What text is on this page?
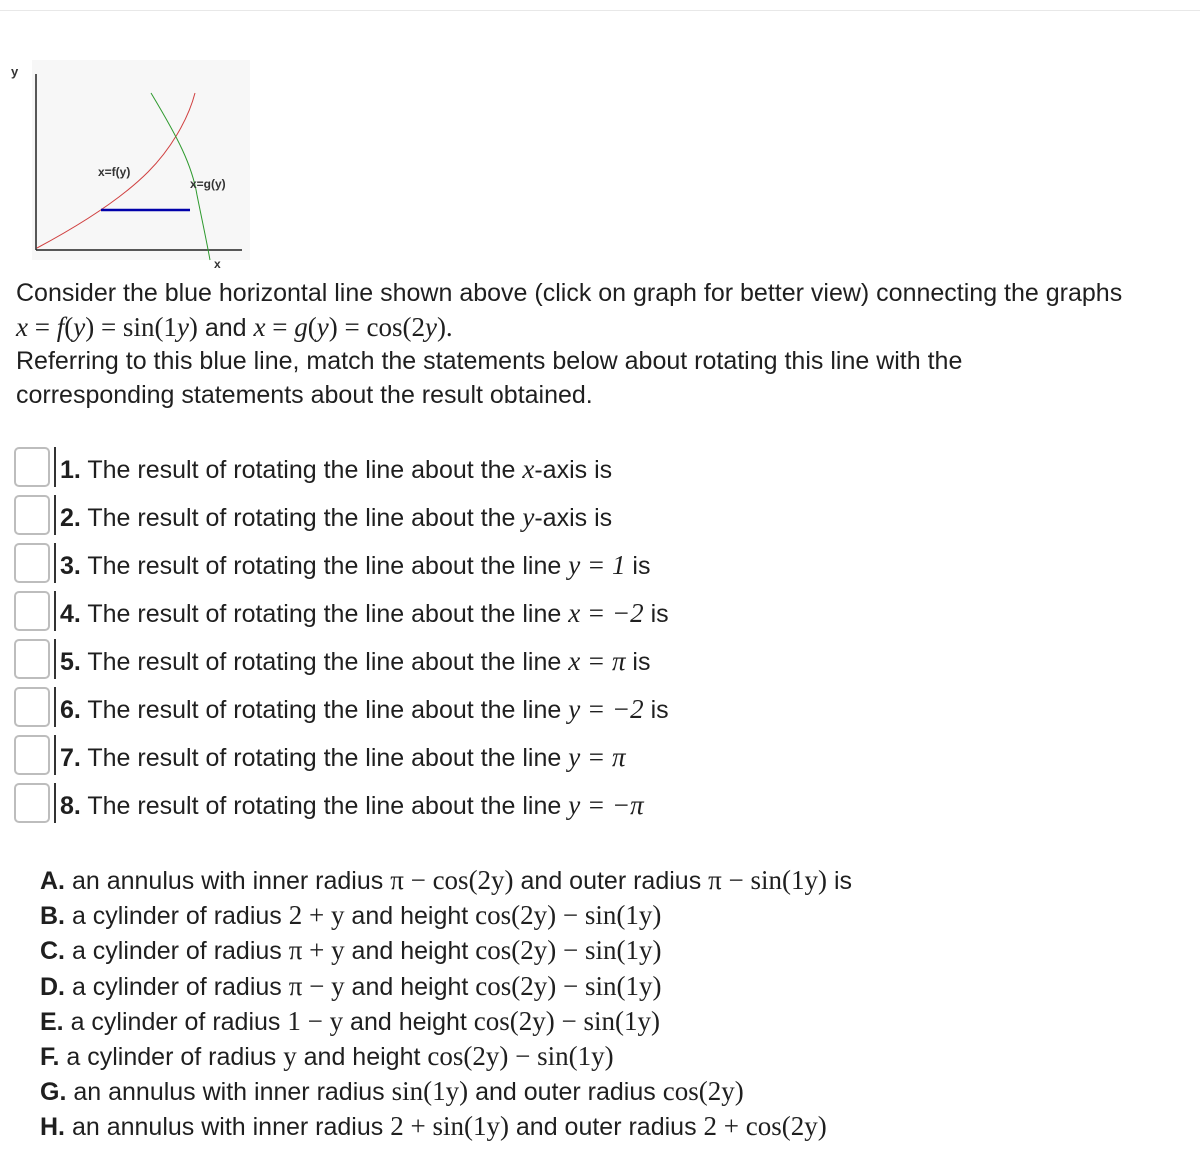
y
x
x=f(y)
x=g(y)
Consider the blue horizontal line shown above (click on graph for better view) connecting the graphs
x = f(y) = sin(1y) and x = g(y) = cos(2y).
Referring to this blue line, match the statements below about rotating this line with the
corresponding statements about the result obtained.
1. The result of rotating the line about the x-axis is
2. The result of rotating the line about the y-axis is
3. The result of rotating the line about the line y = 1 is
4. The result of rotating the line about the line x = −2 is
5. The result of rotating the line about the line x = π is
6. The result of rotating the line about the line y = −2 is
7. The result of rotating the line about the line y = π
8. The result of rotating the line about the line y = −π
A. an annulus with inner radius π − cos(2y) and outer radius π − sin(1y) is
B. a cylinder of radius 2 + y and height cos(2y) − sin(1y)
C. a cylinder of radius π + y and height cos(2y) − sin(1y)
D. a cylinder of radius π − y and height cos(2y) − sin(1y)
E. a cylinder of radius 1 − y and height cos(2y) − sin(1y)
F. a cylinder of radius y and height cos(2y) − sin(1y)
G. an annulus with inner radius sin(1y) and outer radius cos(2y)
H. an annulus with inner radius 2 + sin(1y) and outer radius 2 + cos(2y)
